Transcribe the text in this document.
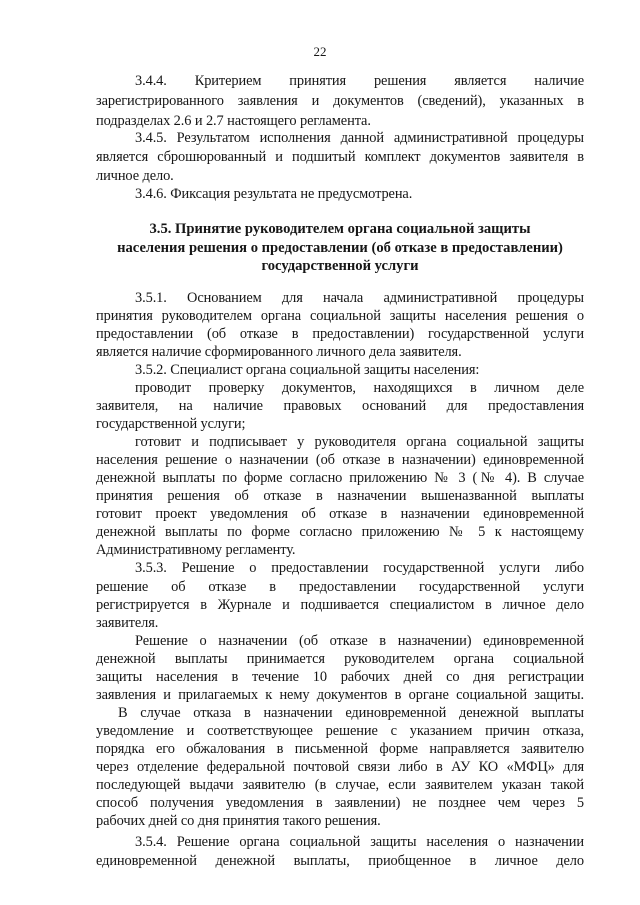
22
3.4.4. Критерием принятия решения является наличие
зарегистрированного заявления и документов (сведений), указанных в
подразделах 2.6 и 2.7 настоящего регламента.
3.4.5. Результатом исполнения данной административной процедуры
является сброшюрованный и подшитый комплект документов заявителя в
личное дело.
3.4.6. Фиксация результата не предусмотрена.
3.5. Принятие руководителем органа социальной защиты
населения решения о предоставлении (об отказе в предоставлении)
государственной услуги
3.5.1. Основанием для начала административной процедуры
принятия руководителем органа социальной защиты населения решения о
предоставлении (об отказе в предоставлении) государственной услуги
является наличие сформированного личного дела заявителя.
3.5.2. Специалист органа социальной защиты населения:
проводит проверку документов, находящихся в личном деле
заявителя, на наличие правовых оснований для предоставления
государственной услуги;
готовит и подписывает у руководителя органа социальной защиты
населения решение о назначении (об отказе в назначении) единовременной
денежной выплаты по форме согласно приложению № 3 (№ 4). В случае
принятия решения об отказе в назначении вышеназванной выплаты
готовит проект уведомления об отказе в назначении единовременной
денежной выплаты по форме согласно приложению № 5 к настоящему
Административному регламенту.
3.5.3. Решение о предоставлении государственной услуги либо
решение об отказе в предоставлении государственной услуги
регистрируется в Журнале и подшивается специалистом в личное дело
заявителя.
Решение о назначении (об отказе в назначении) единовременной
денежной выплаты принимается руководителем органа социальной
защиты населения в течение 10 рабочих дней со дня регистрации
заявления и прилагаемых к нему документов в органе социальной защиты.
В случае отказа в назначении единовременной денежной выплаты
уведомление и соответствующее решение с указанием причин отказа,
порядка его обжалования в письменной форме направляется заявителю
через отделение федеральной почтовой связи либо в АУ КО «МФЦ» для
последующей выдачи заявителю (в случае, если заявителем указан такой
способ получения уведомления в заявлении) не позднее чем через 5
рабочих дней со дня принятия такого решения.
3.5.4. Решение органа социальной защиты населения о назначении
единовременной денежной выплаты, приобщенное в личное дело
